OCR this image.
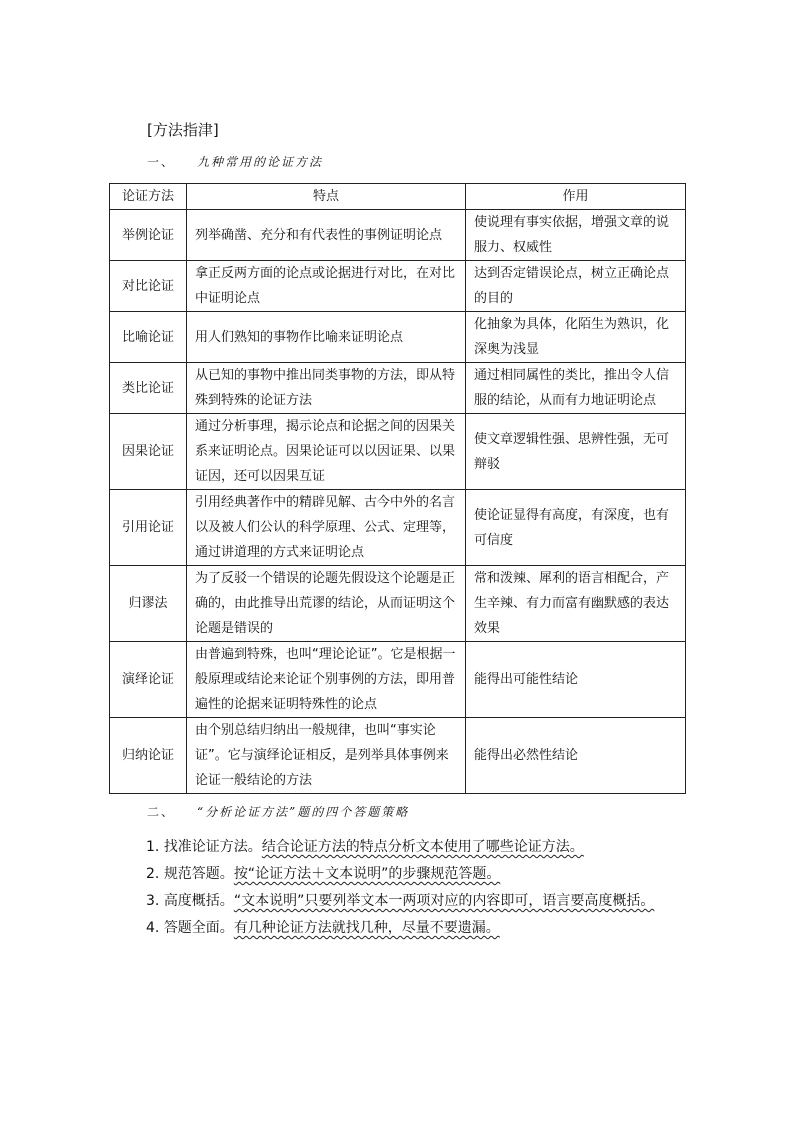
[方法指津]
一、 九种常用的论证方法
论证方法	特点	作用
举例论证	列举确凿、充分和有代表性的事例证明论点	使说理有事实依据，增强文章的说服力、权威性
对比论证	拿正反两方面的论点或论据进行对比，在对比中证明论点	达到否定错误论点，树立正确论点的目的
比喻论证	用人们熟知的事物作比喻来证明论点	化抽象为具体，化陌生为熟识，化深奥为浅显
类比论证	从已知的事物中推出同类事物的方法，即从特殊到特殊的论证方法	通过相同属性的类比，推出令人信服的结论，从而有力地证明论点
因果论证	通过分析事理，揭示论点和论据之间的因果关系来证明论点。因果论证可以以因证果、以果证因，还可以因果互证	使文章逻辑性强、思辨性强，无可辩驳
引用论证	引用经典著作中的精辟见解、古今中外的名言以及被人们公认的科学原理、公式、定理等，通过讲道理的方式来证明论点	使论证显得有高度，有深度，也有可信度
归谬法	为了反驳一个错误的论题先假设这个论题是正确的，由此推导出荒谬的结论，从而证明这个论题是错误的	常和泼辣、犀利的语言相配合，产生辛辣、有力而富有幽默感的表达效果
演绎论证	由普遍到特殊，也叫“理论论证”。它是根据一般原理或结论来论证个别事例的方法，即用普遍性的论据来证明特殊性的论点	能得出可能性结论
归纳论证	由个别总结归纳出一般规律，也叫“事实论证”。它与演绎论证相反，是列举具体事例来论证一般结论的方法	能得出必然性结论
二、 “分析论证方法”题的四个答题策略
1. 找准论证方法。结合论证方法的特点分析文本使用了哪些论证方法。
2. 规范答题。按“论证方法＋文本说明”的步骤规范答题。
3. 高度概括。“文本说明”只要列举文本一两项对应的内容即可，语言要高度概括。
4. 答题全面。有几种论证方法就找几种，尽量不要遗漏。
